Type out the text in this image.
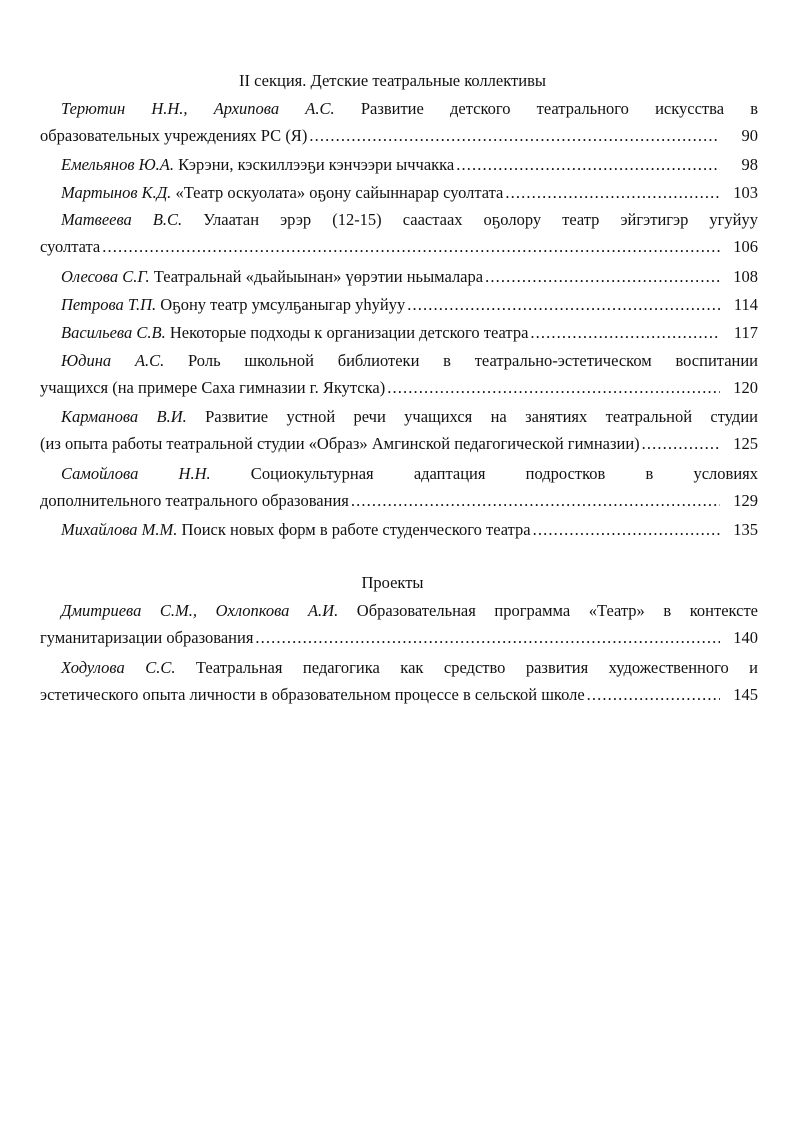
II секция. Детские театральные коллективы
Терютин Н.Н., Архипова А.С. Развитие детского театрального искусства в
образовательных учреждениях РС (Я) . . .	90
Емельянов Ю.А. Кэрэни, кэскиллээҕи кэнчээри ыччакка . . .	98
Мартынов К.Д. «Театр оскуолата» оҕону сайыннарар суолтата . . .	103
Матвеева В.С. Улаатан эрэр (12-15) саастаах оҕолору театр эйгэтигэр угуйуу
суолтата . . .	106
Олесова С.Г. Театральнай «дьайыынан» үөрэтии ньымалара . . .	108
Петрова Т.П. Оҕону театр умсулҕаныгар уһуйуу . . .	114
Васильева С.В. Некоторые подходы к организации детского театра . . .	117
Юдина А.С. Роль школьной библиотеки в театрально-эстетическом воспитании
учащихся (на примере Саха гимназии г. Якутска) . . .	120
Карманова В.И. Развитие устной речи учащихся на занятиях театральной студии
(из опыта работы театральной студии «Образ» Амгинской педагогической гимназии) . . .	125
Самойлова Н.Н. Социокультурная адаптация подростков в условиях
дополнительного театрального образования . . .	129
Михайлова М.М. Поиск новых форм в работе студенческого театра . . .	135
Проекты
Дмитриева С.М., Охлопкова А.И. Образовательная программа «Театр» в контексте
гуманитаризации образования . . .	140
Ходулова С.С. Театральная педагогика как средство развития художественного и
эстетического опыта личности в образовательном процессе в сельской школе . . .	145
